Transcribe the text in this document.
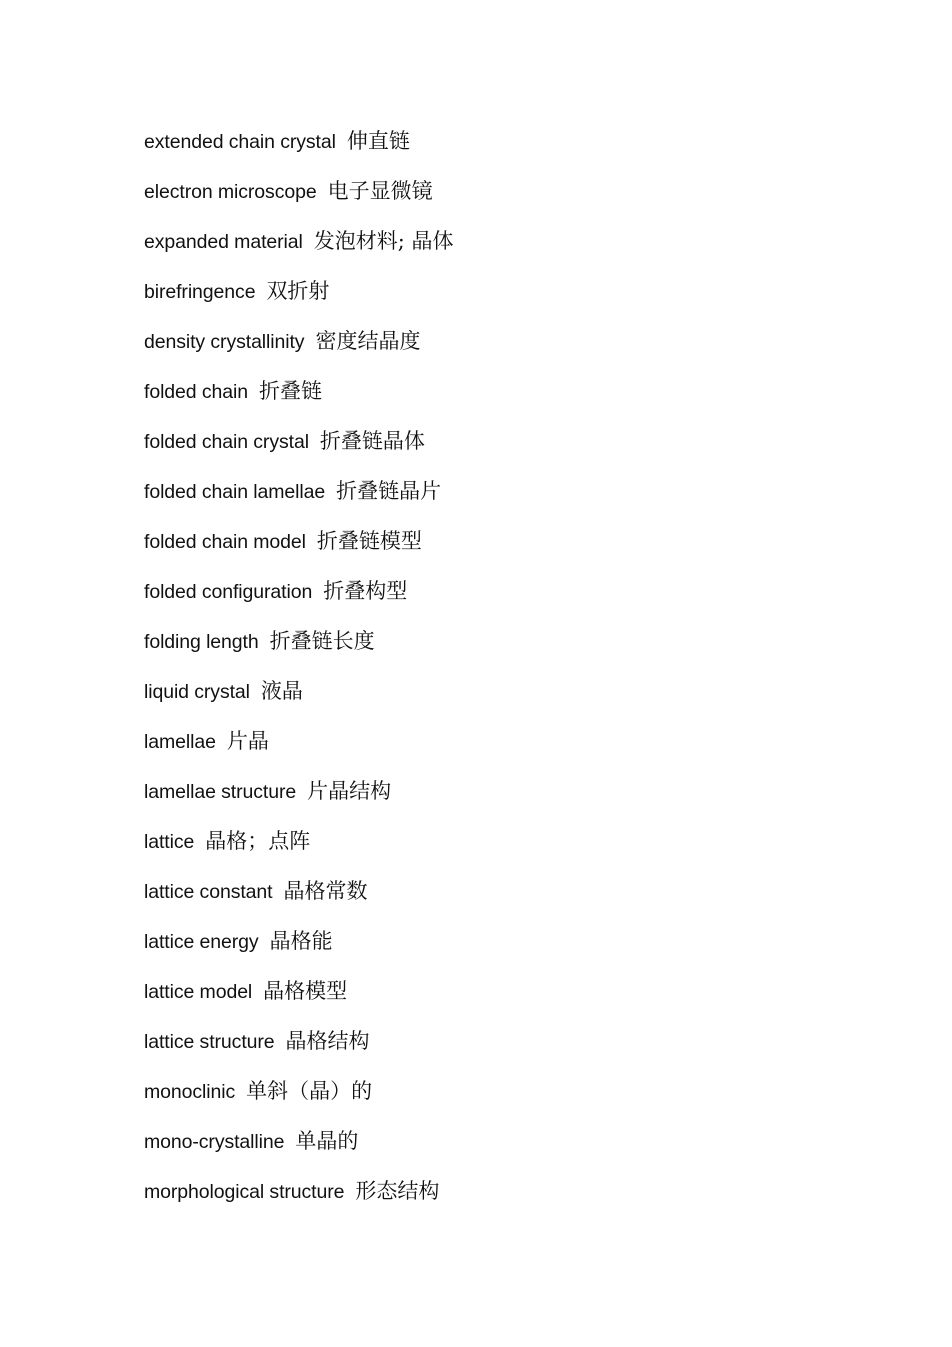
extended chain crystal 伸直链
electron microscope 电子显微镜
expanded material 发泡材料; 晶体
birefringence 双折射
density crystallinity 密度结晶度
folded chain 折叠链
folded chain crystal 折叠链晶体
folded chain lamellae 折叠链晶片
folded chain model 折叠链模型
folded configuration 折叠构型
folding length 折叠链长度
liquid crystal 液晶
lamellae 片晶
lamellae structure 片晶结构
lattice 晶格；点阵
lattice constant 晶格常数
lattice energy 晶格能
lattice model 晶格模型
lattice structure 晶格结构
monoclinic 单斜（晶）的
mono-crystalline 单晶的
morphological structure 形态结构
